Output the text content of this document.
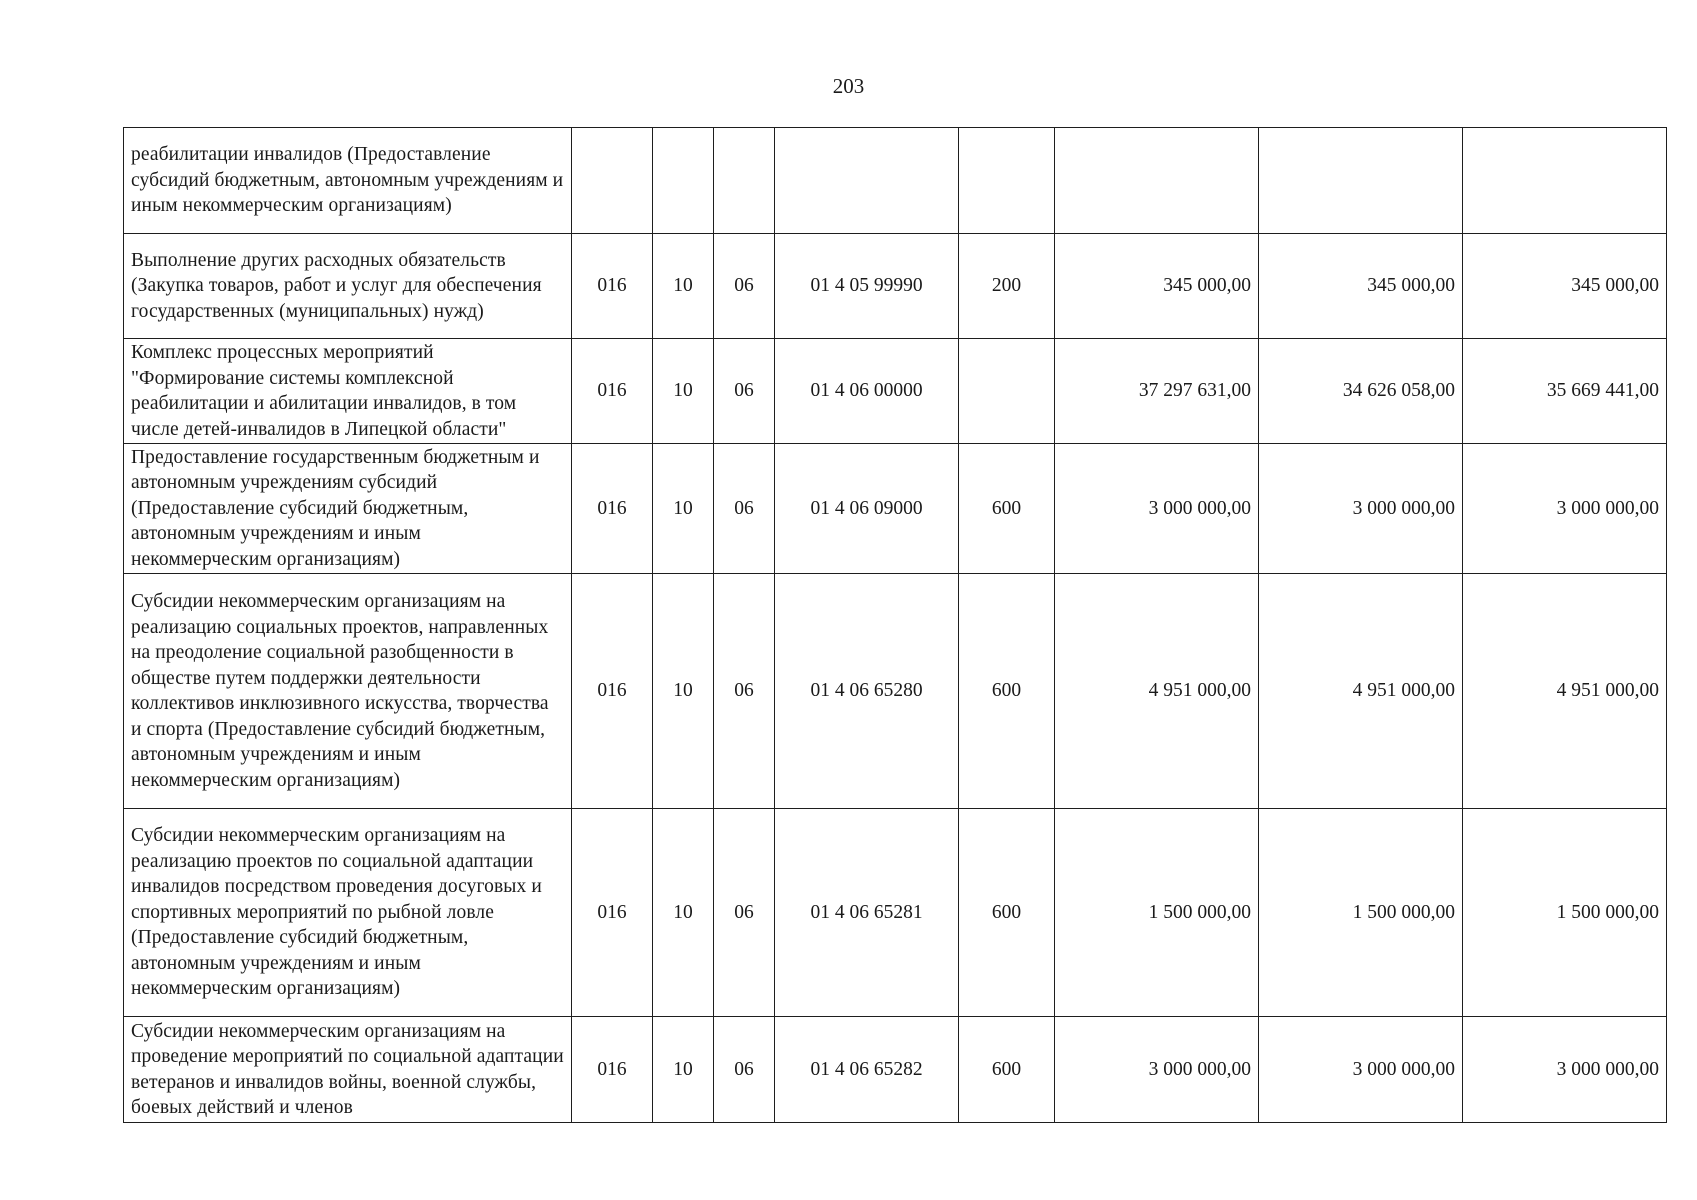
203
реабилитации инвалидов (Предоставление субсидий бюджетным, автономным учреждениям и иным некоммерческим организациям)								
Выполнение других расходных обязательств (Закупка товаров, работ и услуг для обеспечения государственных (муниципальных) нужд)	016	10	06	01 4 05 99990	200	345 000,00	345 000,00	345 000,00
Комплекс процессных мероприятий "Формирование системы комплексной реабилитации и абилитации инвалидов, в том числе детей-инвалидов в Липецкой области"	016	10	06	01 4 06 00000		37 297 631,00	34 626 058,00	35 669 441,00
Предоставление государственным бюджетным и автономным учреждениям субсидий (Предоставление субсидий бюджетным, автономным учреждениям и иным некоммерческим организациям)	016	10	06	01 4 06 09000	600	3 000 000,00	3 000 000,00	3 000 000,00
Субсидии некоммерческим организациям на реализацию социальных проектов, направленных на преодоление социальной разобщенности в обществе путем поддержки деятельности коллективов инклюзивного искусства, творчества и спорта (Предоставление субсидий бюджетным, автономным учреждениям и иным некоммерческим организациям)	016	10	06	01 4 06 65280	600	4 951 000,00	4 951 000,00	4 951 000,00
Субсидии некоммерческим организациям на реализацию проектов по социальной адаптации инвалидов посредством проведения досуговых и спортивных мероприятий по рыбной ловле (Предоставление субсидий бюджетным, автономным учреждениям и иным некоммерческим организациям)	016	10	06	01 4 06 65281	600	1 500 000,00	1 500 000,00	1 500 000,00
Субсидии некоммерческим организациям на проведение мероприятий по социальной адаптации ветеранов и инвалидов войны, военной службы, боевых действий и членов	016	10	06	01 4 06 65282	600	3 000 000,00	3 000 000,00	3 000 000,00
